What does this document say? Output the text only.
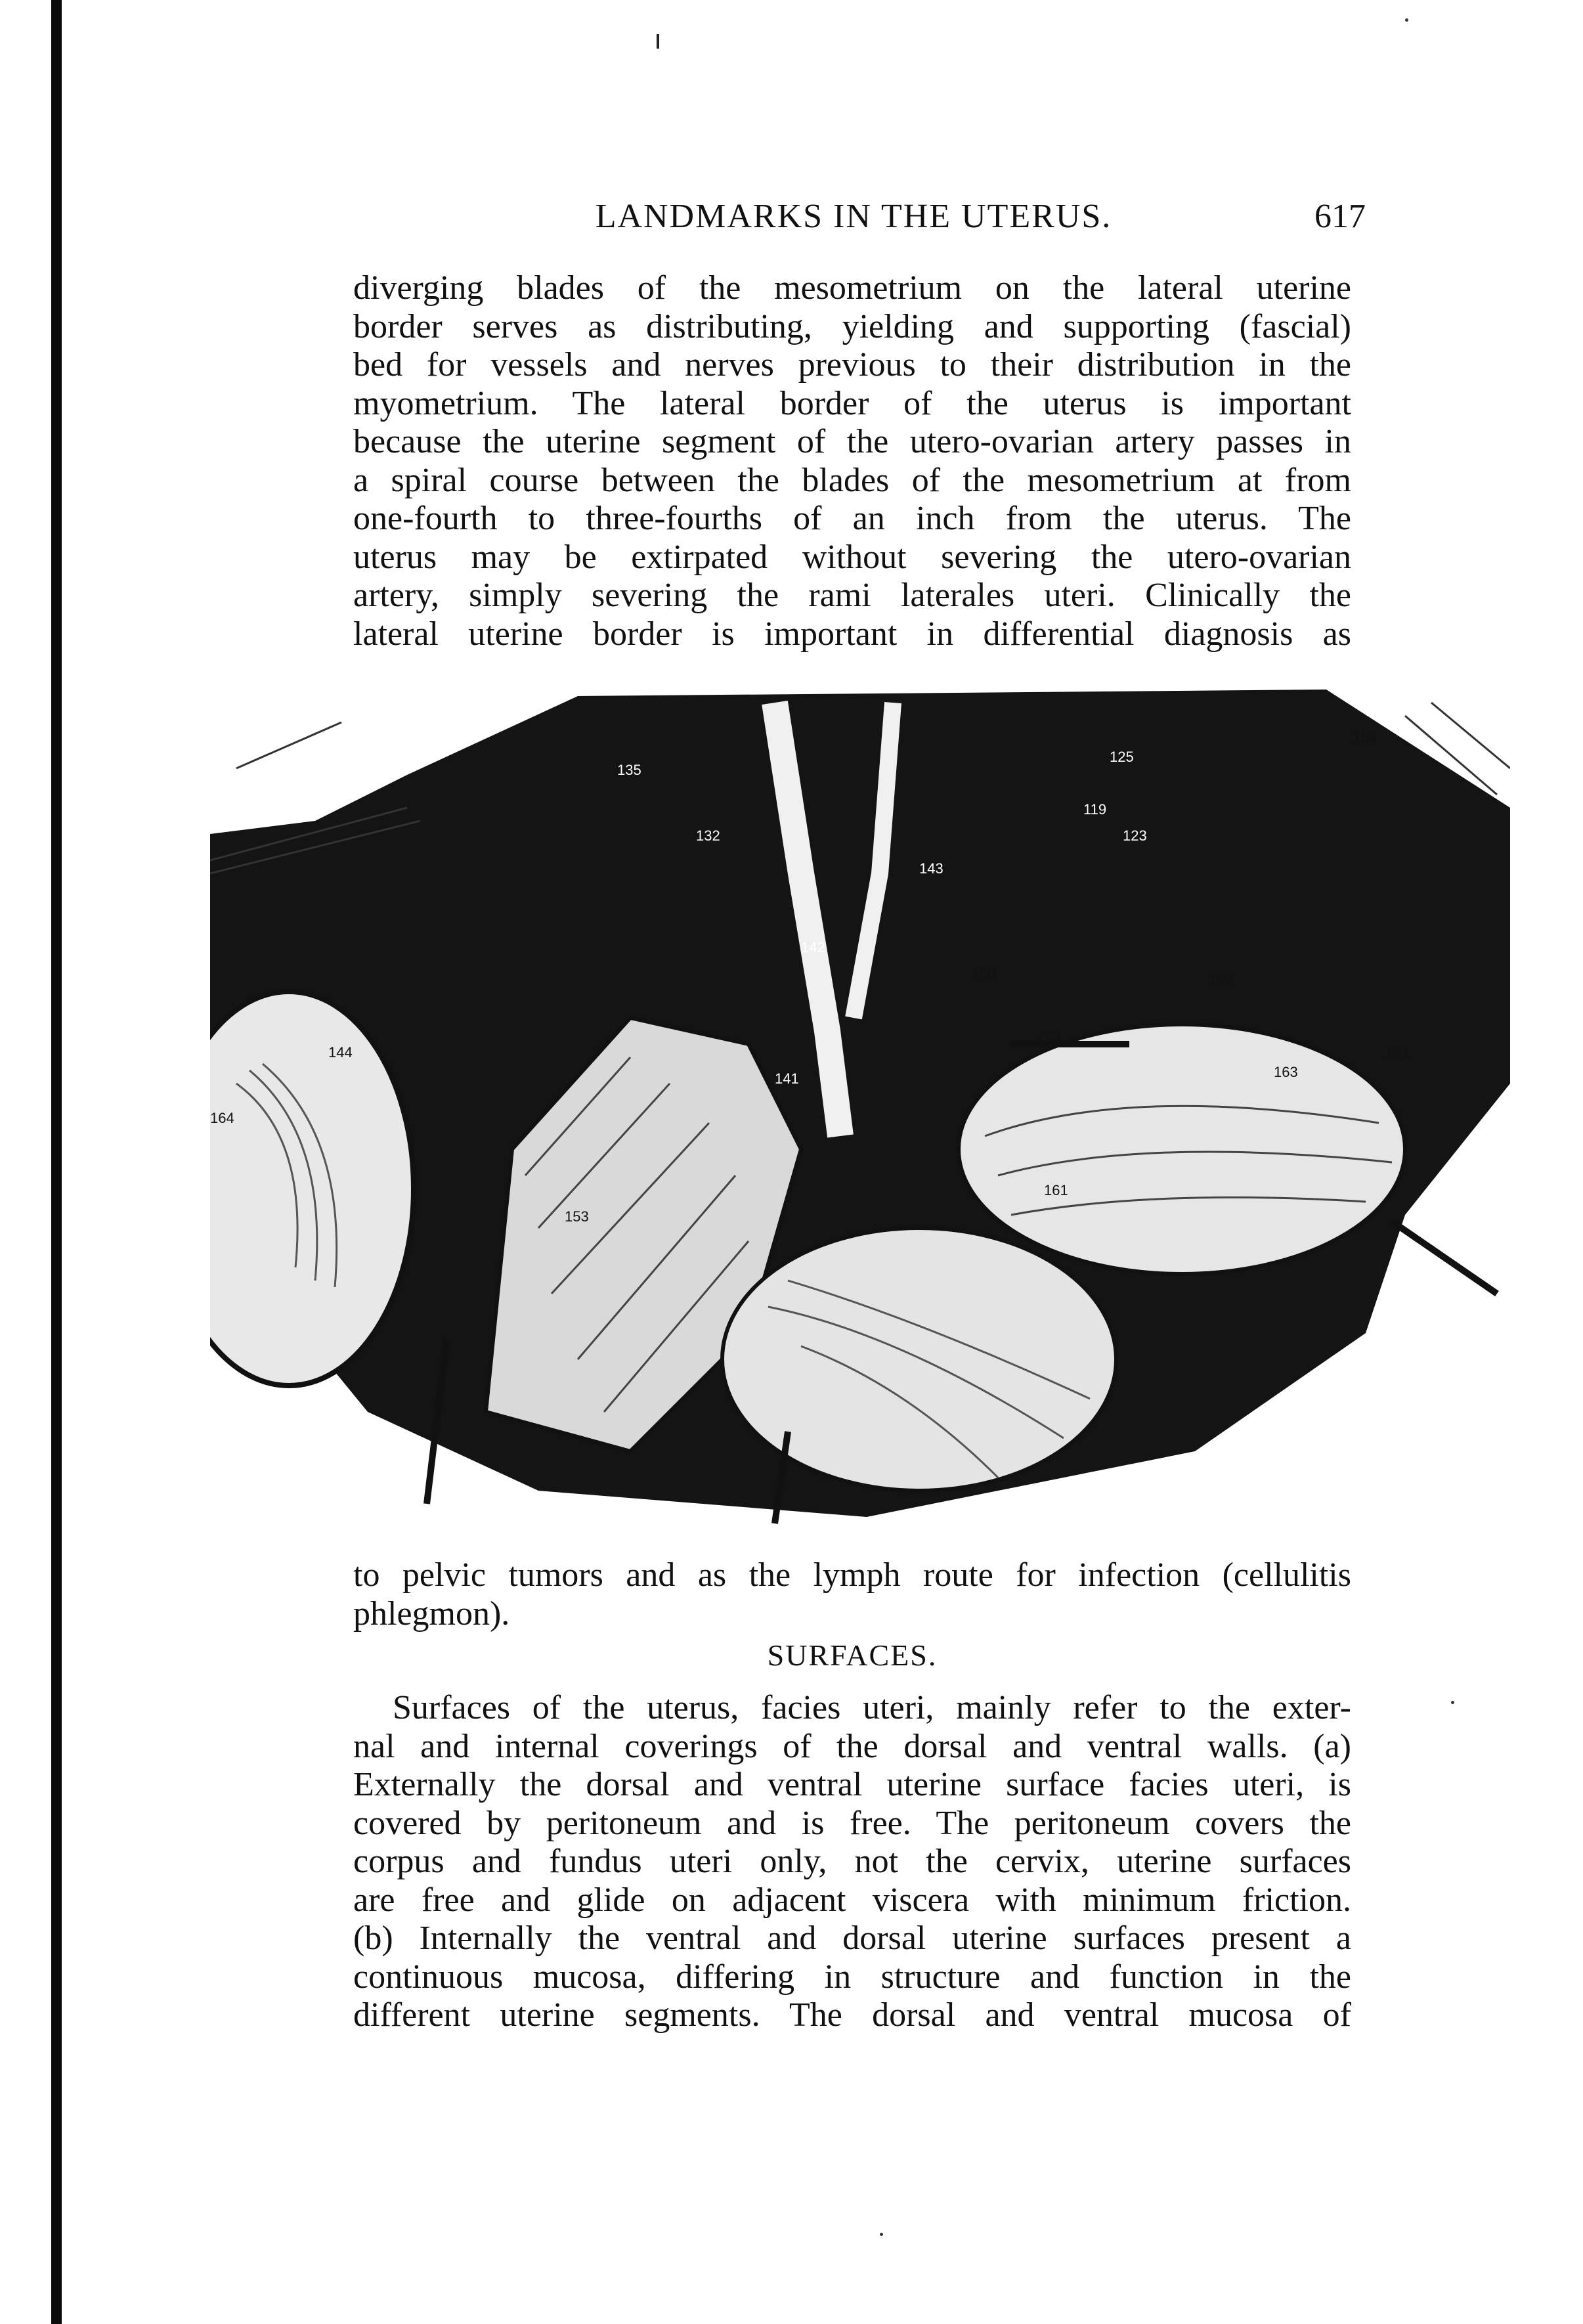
LANDMARKS IN THE UTERUS.	617
diverging blades of the mesometrium on the lateral uterine
border serves as distributing, yielding and supporting (fascial)
bed for vessels and nerves previous to their distribution in the
myometrium. The lateral border of the uterus is important
because the uterine segment of the utero-ovarian artery passes in
a spiral course between the blades of the mesometrium at from
one-fourth to three-fourths of an inch from the uterus. The
uterus may be extirpated without severing the utero-ovarian
artery, simply severing the rami laterales uteri. Clinically the
lateral uterine border is important in differential diagnosis as
135
132
143
142
141
144
164
153
160
154
162
161
191
163
166
123
119
125
to pelvic tumors and as the lymph route for infection (cellulitis
phlegmon).
SURFACES.
Surfaces of the uterus, facies uteri, mainly refer to the exter-
nal and internal coverings of the dorsal and ventral walls. (a)
Externally the dorsal and ventral uterine surface facies uteri, is
covered by peritoneum and is free. The peritoneum covers the
corpus and fundus uteri only, not the cervix, uterine surfaces
are free and glide on adjacent viscera with minimum friction.
(b) Internally the ventral and dorsal uterine surfaces present a
continuous mucosa, differing in structure and function in the
different uterine segments. The dorsal and ventral mucosa of
